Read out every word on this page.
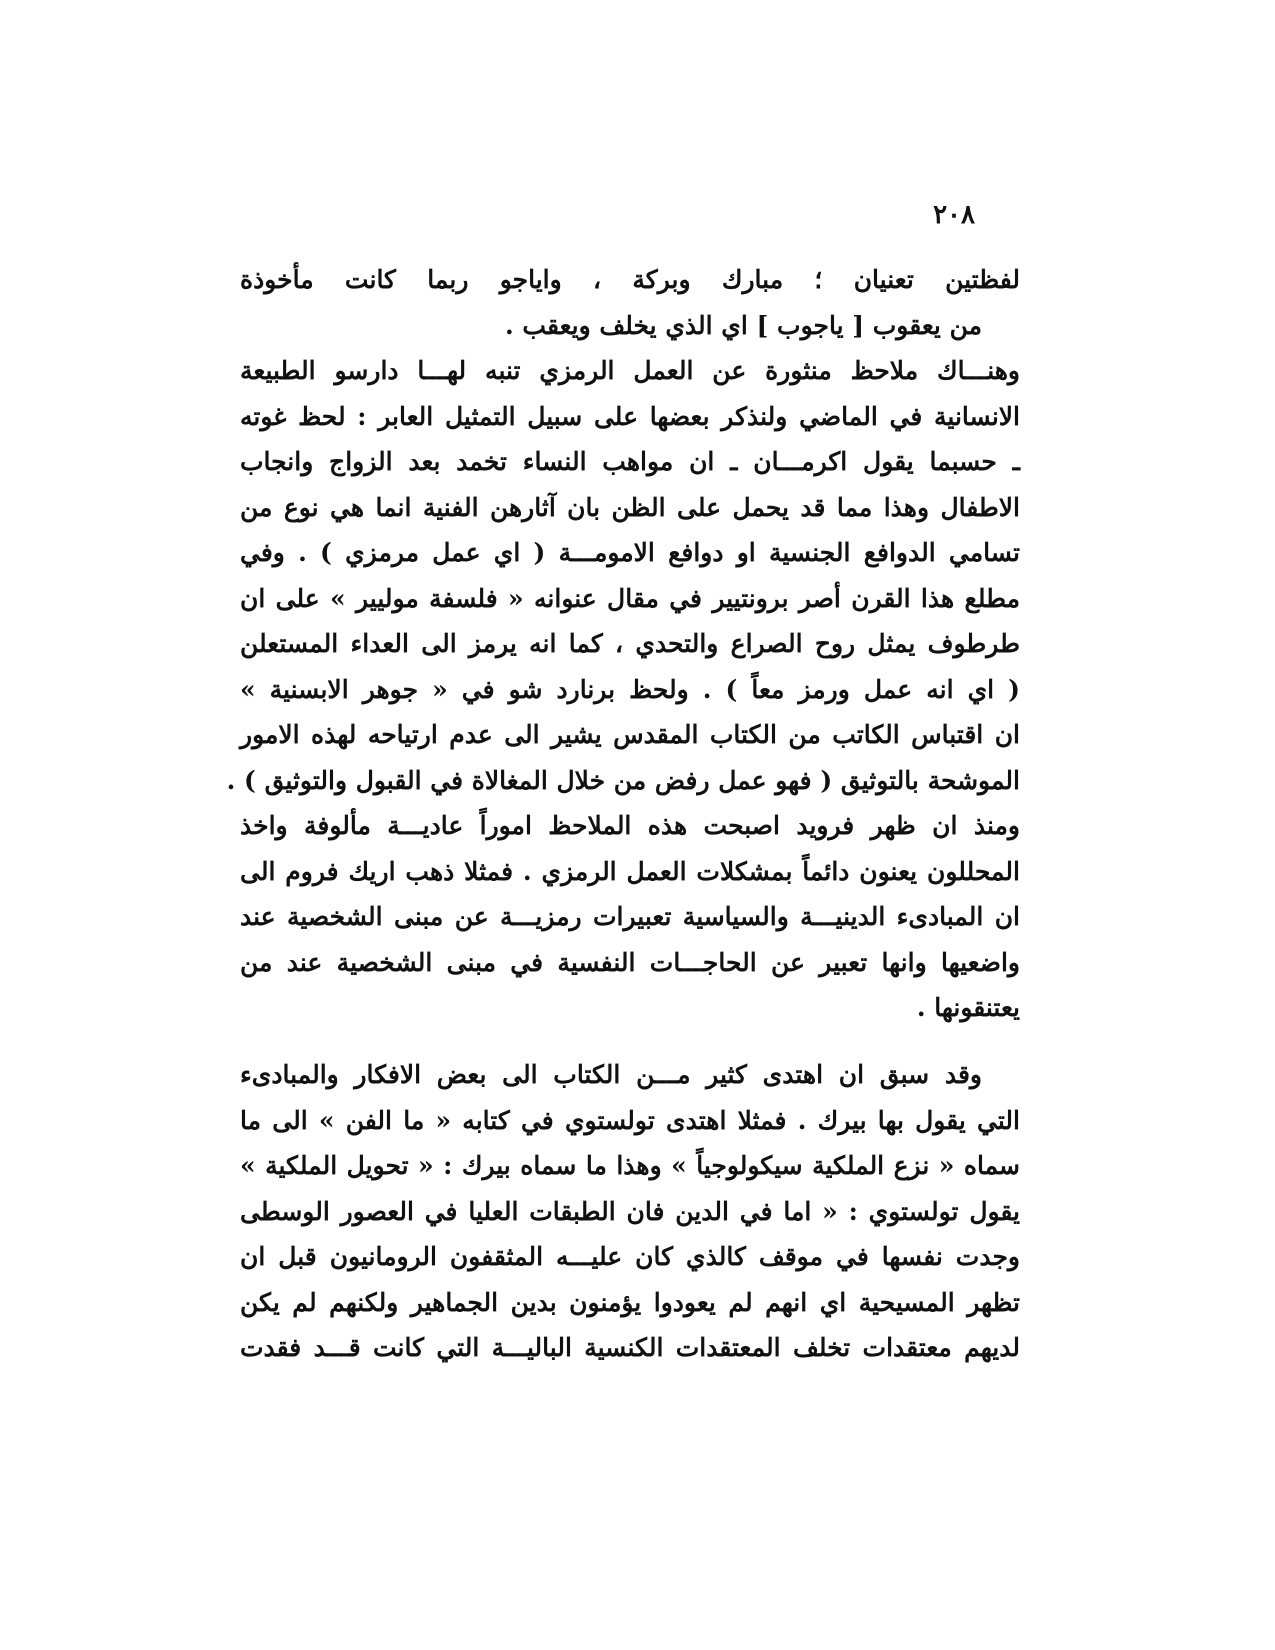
٢٠٨
لفظتين تعنيان ؛ مبارك وبركة ، واياجو ربما كانت مأخوذة
من يعقوب [ ياجوب ] اي الذي يخلف ويعقب .
وهنـــاك ملاحظ منثورة عن العمل الرمزي تنبه لهـــا دارسو الطبيعة
الانسانية في الماضي ولنذكر بعضها على سبيل التمثيل العابر : لحظ غوته
ـ حسبما يقول اكرمـــان ـ ان مواهب النساء تخمد بعد الزواج وانجاب
الاطفال وهذا مما قد يحمل على الظن بان آثارهن الفنية انما هي نوع من
تسامي الدوافع الجنسية او دوافع الامومـــة ( اي عمل مرمزي ) . وفي
مطلع هذا القرن أصر برونتيير في مقال عنوانه « فلسفة موليير » على ان
طرطوف يمثل روح الصراع والتحدي ، كما انه يرمز الى العداء المستعلن
( اي انه عمل ورمز معاً ) . ولحظ برنارد شو في « جوهر الابسنية »
ان اقتباس الكاتب من الكتاب المقدس يشير الى عدم ارتياحه لهذه الامور
الموشحة بالتوثيق ( فهو عمل رفض من خلال المغالاة في القبول والتوثيق ) .
ومنذ ان ظهر فرويد اصبحت هذه الملاحظ اموراً عاديـــة مألوفة واخذ
المحللون يعنون دائماً بمشكلات العمل الرمزي . فمثلا ذهب اريك فروم الى
ان المبادىء الدينيـــة والسياسية تعبيرات رمزيـــة عن مبنى الشخصية عند
واضعيها وانها تعبير عن الحاجـــات النفسية في مبنى الشخصية عند من
يعتنقونها .
وقد سبق ان اهتدى كثير مـــن الكتاب الى بعض الافكار والمبادىء
التي يقول بها بيرك . فمثلا اهتدى تولستوي في كتابه « ما الفن » الى ما
سماه « نزع الملكية سيكولوجياً » وهذا ما سماه بيرك : « تحويل الملكية »
يقول تولستوي : « اما في الدين فان الطبقات العليا في العصور الوسطى
وجدت نفسها في موقف كالذي كان عليـــه المثقفون الرومانيون قبل ان
تظهر المسيحية اي انهم لم يعودوا يؤمنون بدين الجماهير ولكنهم لم يكن
لديهم معتقدات تخلف المعتقدات الكنسية الباليـــة التي كانت قـــد فقدت
